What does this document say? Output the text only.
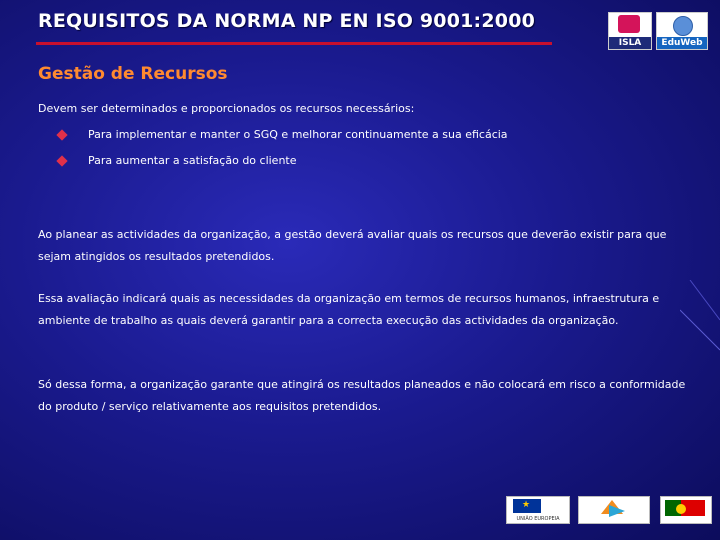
REQUISITOS DA NORMA NP EN ISO 9001:2000
ISLA	EduWeb
Gestão de Recursos
Devem ser determinados e proporcionados os recursos necessários:
Para implementar e manter o SGQ e melhorar continuamente a sua eficácia
Para aumentar a satisfação do cliente
Ao planear as actividades da organização, a gestão deverá avaliar quais os recursos que deverão existir para que sejam atingidos os resultados pretendidos.
Essa avaliação indicará quais as necessidades da organização em termos de recursos humanos, infraestrutura e ambiente de trabalho as quais deverá garantir para a correcta execução das actividades da organização.
Só dessa forma, a organização garante que atingirá os resultados planeados e não colocará em risco a conformidade do produto / serviço relativamente aos requisitos pretendidos.
★
UNIÃO EUROPEIA
